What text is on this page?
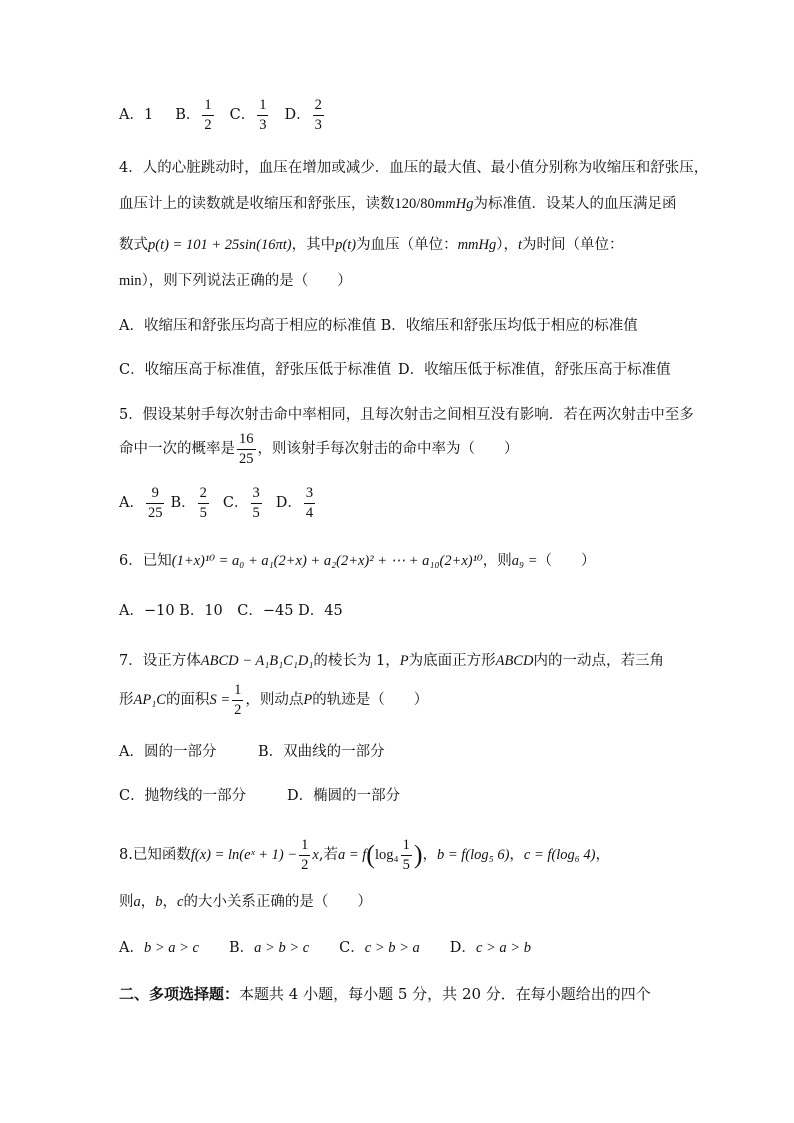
A．1 B． $\frac{1}{2}$ C． $\frac{1}{3}$ D． $\frac{2}{3}$
4．人的心脏跳动时，血压在增加或减少．血压的最大值、最小值分别称为收缩压和舒张压，
血压计上的读数就是收缩压和舒张压，读数120/80mmHg为标准值．设某人的血压满足函
数式p(t) = 101 + 25sin(16πt)，其中p(t)为血压（单位：mmHg），t为时间（单位：
min），则下列说法正确的是（　　）
A．收缩压和舒张压均高于相应的标准值 B．收缩压和舒张压均低于相应的标准值
C．收缩压高于标准值，舒张压低于标准值 D．收缩压低于标准值，舒张压高于标准值
5．假设某射手每次射击命中率相同，且每次射击之间相互没有影响．若在两次射击中至多
命中一次的概率是 $\frac{16}{25}$ ，则该射手每次射击的命中率为（　　）
A． $\frac{9}{25}$ B． $\frac{2}{5}$ C． $\frac{3}{5}$ D． $\frac{3}{4}$
6．已知(1+x)¹⁰ = a₀ + a₁(2+x) + a₂(2+x)² + ⋯ + a₁₀(2+x)¹⁰，则a₉ =（　　）
A．−10 B．10　C．−45 D．45
7．设正方体ABCD − A₁B₁C₁D₁的棱长为 1，P为底面正方形ABCD内的一动点，若三角
形AP₁C的面积$S = \frac{1}{2}$ ，则动点P的轨迹是（　　）
A．圆的一部分	B．双曲线的一部分
C．抛物线的一部分	D．椭圆的一部分
8.已知函数f(x) = ln(eˣ + $1) - \frac{1}{2} x$,若$a = f(\log_4 \frac{1}{5}$ )，b = f(log₅ 6)，c = f(log₆ 4)，
则a，b，c的大小关系正确的是（　　）
A．b > a > c B．a > b > c C．c > b > a D．c > a > b
二、多项选择题：本题共 4 小题，每小题 5 分，共 20 分．在每小题给出的四个
